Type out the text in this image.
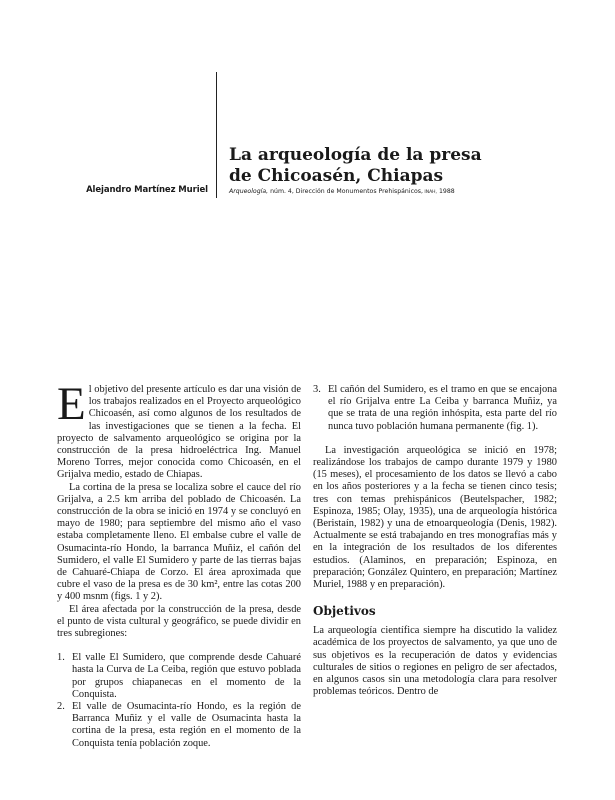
Alejandro Martínez Muriel
La arqueología de la presa
de Chicoasén, Chiapas
Arqueología, núm. 4, Dirección de Monumentos Prehispánicos, INAH, 1988

El objetivo del presente artículo es dar una visión de los trabajos realizados en el Proyecto arqueológico Chicoasén, así como algunos de los resultados de las investigaciones que se tienen a la fecha. El proyecto de salvamento arqueológico se origina por la construcción de la presa hidroeléctrica Ing. Manuel Moreno Torres, mejor conocida como Chicoasén, en el Grijalva medio, estado de Chiapas.

La cortina de la presa se localiza sobre el cauce del río Grijalva, a 2.5 km arriba del poblado de Chicoasén. La construcción de la obra se inició en 1974 y se concluyó en mayo de 1980; para septiembre del mismo año el vaso estaba completamente lleno. El embalse cubre el valle de Osumacinta-río Hondo, la barranca Muñiz, el cañón del Sumidero, el valle El Sumidero y parte de las tierras bajas de Cahuaré-Chiapa de Corzo. El área aproximada que cubre el vaso de la presa es de 30 km², entre las cotas 200 y 400 msnm (figs. 1 y 2).

El área afectada por la construcción de la presa, desde el punto de vista cultural y geográfico, se puede dividir en tres subregiones:

1. El valle El Sumidero, que comprende desde Cahuaré hasta la Curva de La Ceiba, región que estuvo poblada por grupos chiapanecas en el momento de la Conquista.
2. El valle de Osumacinta-río Hondo, es la región de Barranca Muñiz y el valle de Osumacinta hasta la cortina de la presa, esta región en el momento de la Conquista tenía población zoque.
3. El cañón del Sumidero, es el tramo en que se encajona el río Grijalva entre La Ceiba y barranca Muñiz, ya que se trata de una región inhóspita, esta parte del río nunca tuvo población humana permanente (fig. 1).

La investigación arqueológica se inició en 1978; realizándose los trabajos de campo durante 1979 y 1980 (15 meses), el procesamiento de los datos se llevó a cabo en los años posteriores y a la fecha se tienen cinco tesis; tres con temas prehispánicos (Beutelspacher, 1982; Espinoza, 1985; Olay, 1935), una de arqueología histórica (Beristaín, 1982) y una de etnoarqueología (Denis, 1982). Actualmente se está trabajando en tres monografías más y en la integración de los resultados de los diferentes estudios. (Alaminos, en preparación; Espinoza, en preparación; González Quintero, en preparación; Martínez Muriel, 1988 y en preparación).

Objetivos

La arqueología científica siempre ha discutido la validez académica de los proyectos de salvamento, ya que uno de sus objetivos es la recuperación de datos y evidencias culturales de sitios o regiones en peligro de ser afectados, en algunos casos sin una metodología clara para resolver problemas teóricos. Dentro de
